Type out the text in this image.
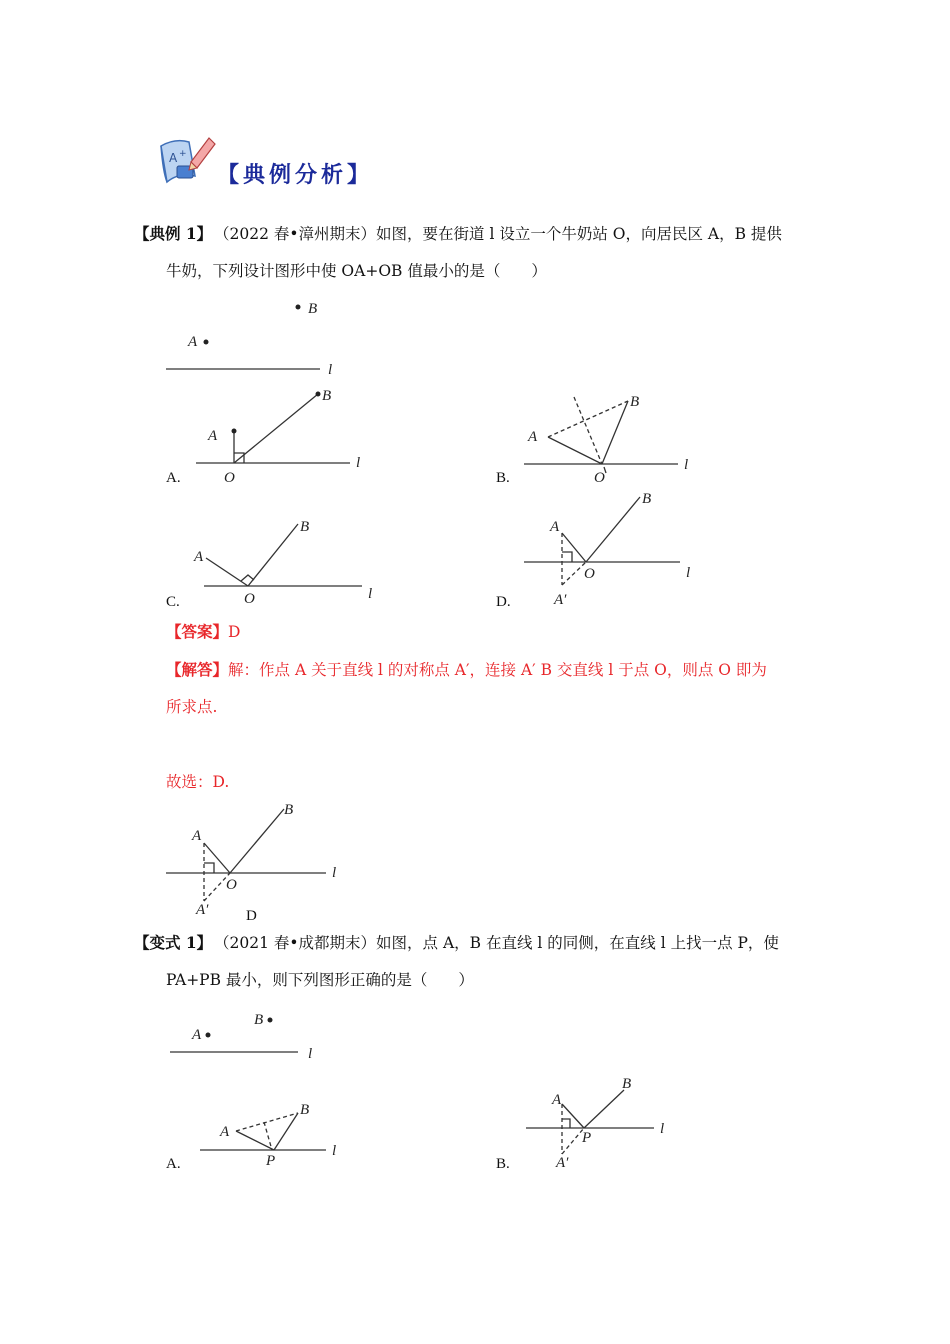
A +
【典例分析】
【典例 1】 （2022 春•漳州期末）如图，要在街道 l 设立一个牛奶站 O，向居民区 A，B 提供
牛奶，下列设计图形中使 OA+OB 值最小的是（　　）
B
A
l
A.
l
A
B
O	B.
l
A
B
O
C.	l
A
B
O	D.
l
A
B
O
A′
【答案】D
【解答】解：作点 A 关于直线 l 的对称点 A′，连接 A′ B 交直线 l 于点 O，则点 O 即为
所求点.
故选：D.
l
A
B
O
A′	D
【变式 1】 （2021 春•成都期末）如图，点 A，B 在直线 l 的同侧，在直线 l 上找一点 P，使
PA+PB 最小，则下列图形正确的是（　　）
A
B
l
A.
l
A
B
P	B.
l
A
B
P
A′
